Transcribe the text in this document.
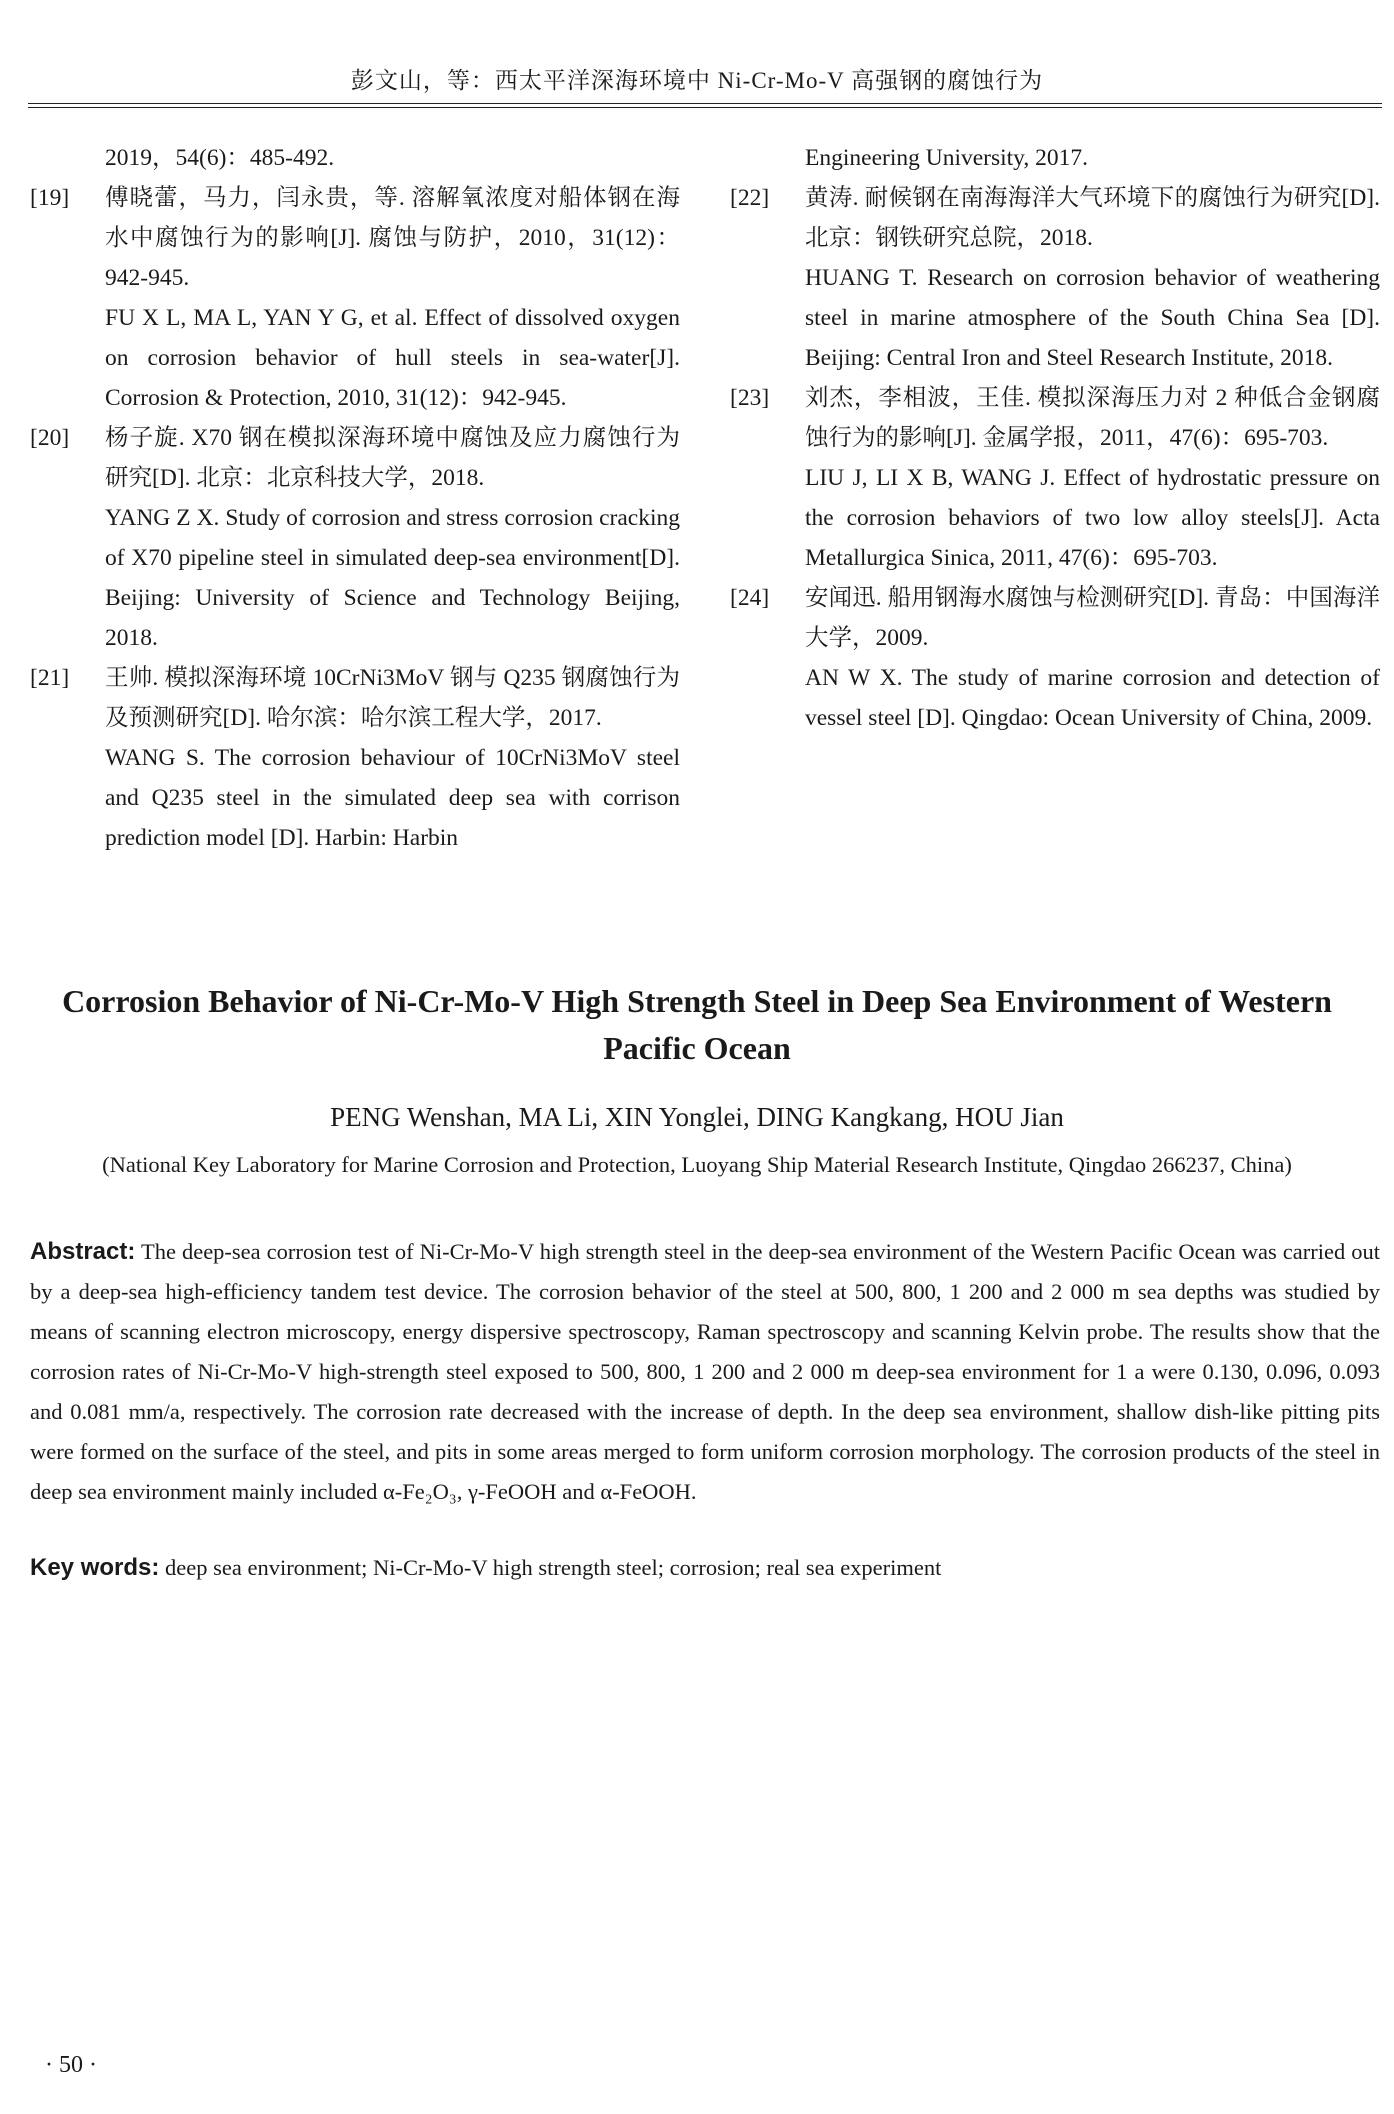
彭文山，等：西太平洋深海环境中 Ni-Cr-Mo-V 高强钢的腐蚀行为
2019，54(6)：485-492.
[19]	傅晓蕾，马力，闫永贵，等. 溶解氧浓度对船体钢在海水中腐蚀行为的影响[J]. 腐蚀与防护，2010，31(12)：942-945.
FU X L, MA L, YAN Y G, et al. Effect of dissolved oxygen on corrosion behavior of hull steels in sea-water[J]. Corrosion & Protection, 2010, 31(12)：942-945.
[20]	杨子旋. X70 钢在模拟深海环境中腐蚀及应力腐蚀行为研究[D]. 北京：北京科技大学，2018.
YANG Z X. Study of corrosion and stress corrosion cracking of X70 pipeline steel in simulated deep-sea environment[D]. Beijing: University of Science and Technology Beijing, 2018.
[21]	王帅. 模拟深海环境 10CrNi3MoV 钢与 Q235 钢腐蚀行为及预测研究[D]. 哈尔滨：哈尔滨工程大学，2017.
WANG S. The corrosion behaviour of 10CrNi3MoV steel and Q235 steel in the simulated deep sea with corrison prediction model [D]. Harbin: Harbin
Engineering University, 2017.
[22]	黄涛. 耐候钢在南海海洋大气环境下的腐蚀行为研究[D]. 北京：钢铁研究总院，2018.
HUANG T. Research on corrosion behavior of weathering steel in marine atmosphere of the South China Sea [D]. Beijing: Central Iron and Steel Research Institute, 2018.
[23]	刘杰，李相波，王佳. 模拟深海压力对 2 种低合金钢腐蚀行为的影响[J]. 金属学报，2011，47(6)：695-703.
LIU J, LI X B, WANG J. Effect of hydrostatic pressure on the corrosion behaviors of two low alloy steels[J]. Acta Metallurgica Sinica, 2011, 47(6)：695-703.
[24]	安闻迅. 船用钢海水腐蚀与检测研究[D]. 青岛：中国海洋大学，2009.
AN W X. The study of marine corrosion and detection of vessel steel [D]. Qingdao: Ocean University of China, 2009.
Corrosion Behavior of Ni-Cr-Mo-V High Strength Steel in Deep Sea Environment of Western Pacific Ocean
PENG Wenshan, MA Li, XIN Yonglei, DING Kangkang, HOU Jian
(National Key Laboratory for Marine Corrosion and Protection, Luoyang Ship Material Research Institute, Qingdao 266237, China)
Abstract: The deep-sea corrosion test of Ni-Cr-Mo-V high strength steel in the deep-sea environment of the Western Pacific Ocean was carried out by a deep-sea high-efficiency tandem test device. The corrosion behavior of the steel at 500, 800, 1 200 and 2 000 m sea depths was studied by means of scanning electron microscopy, energy dispersive spectroscopy, Raman spectroscopy and scanning Kelvin probe. The results show that the corrosion rates of Ni-Cr-Mo-V high-strength steel exposed to 500, 800, 1 200 and 2 000 m deep-sea environment for 1 a were 0.130, 0.096, 0.093 and 0.081 mm/a, respectively. The corrosion rate decreased with the increase of depth. In the deep sea environment, shallow dish-like pitting pits were formed on the surface of the steel, and pits in some areas merged to form uniform corrosion morphology. The corrosion products of the steel in deep sea environment mainly included α-Fe₂O₃, γ-FeOOH and α-FeOOH.
Key words: deep sea environment; Ni-Cr-Mo-V high strength steel; corrosion; real sea experiment
· 50 ·
